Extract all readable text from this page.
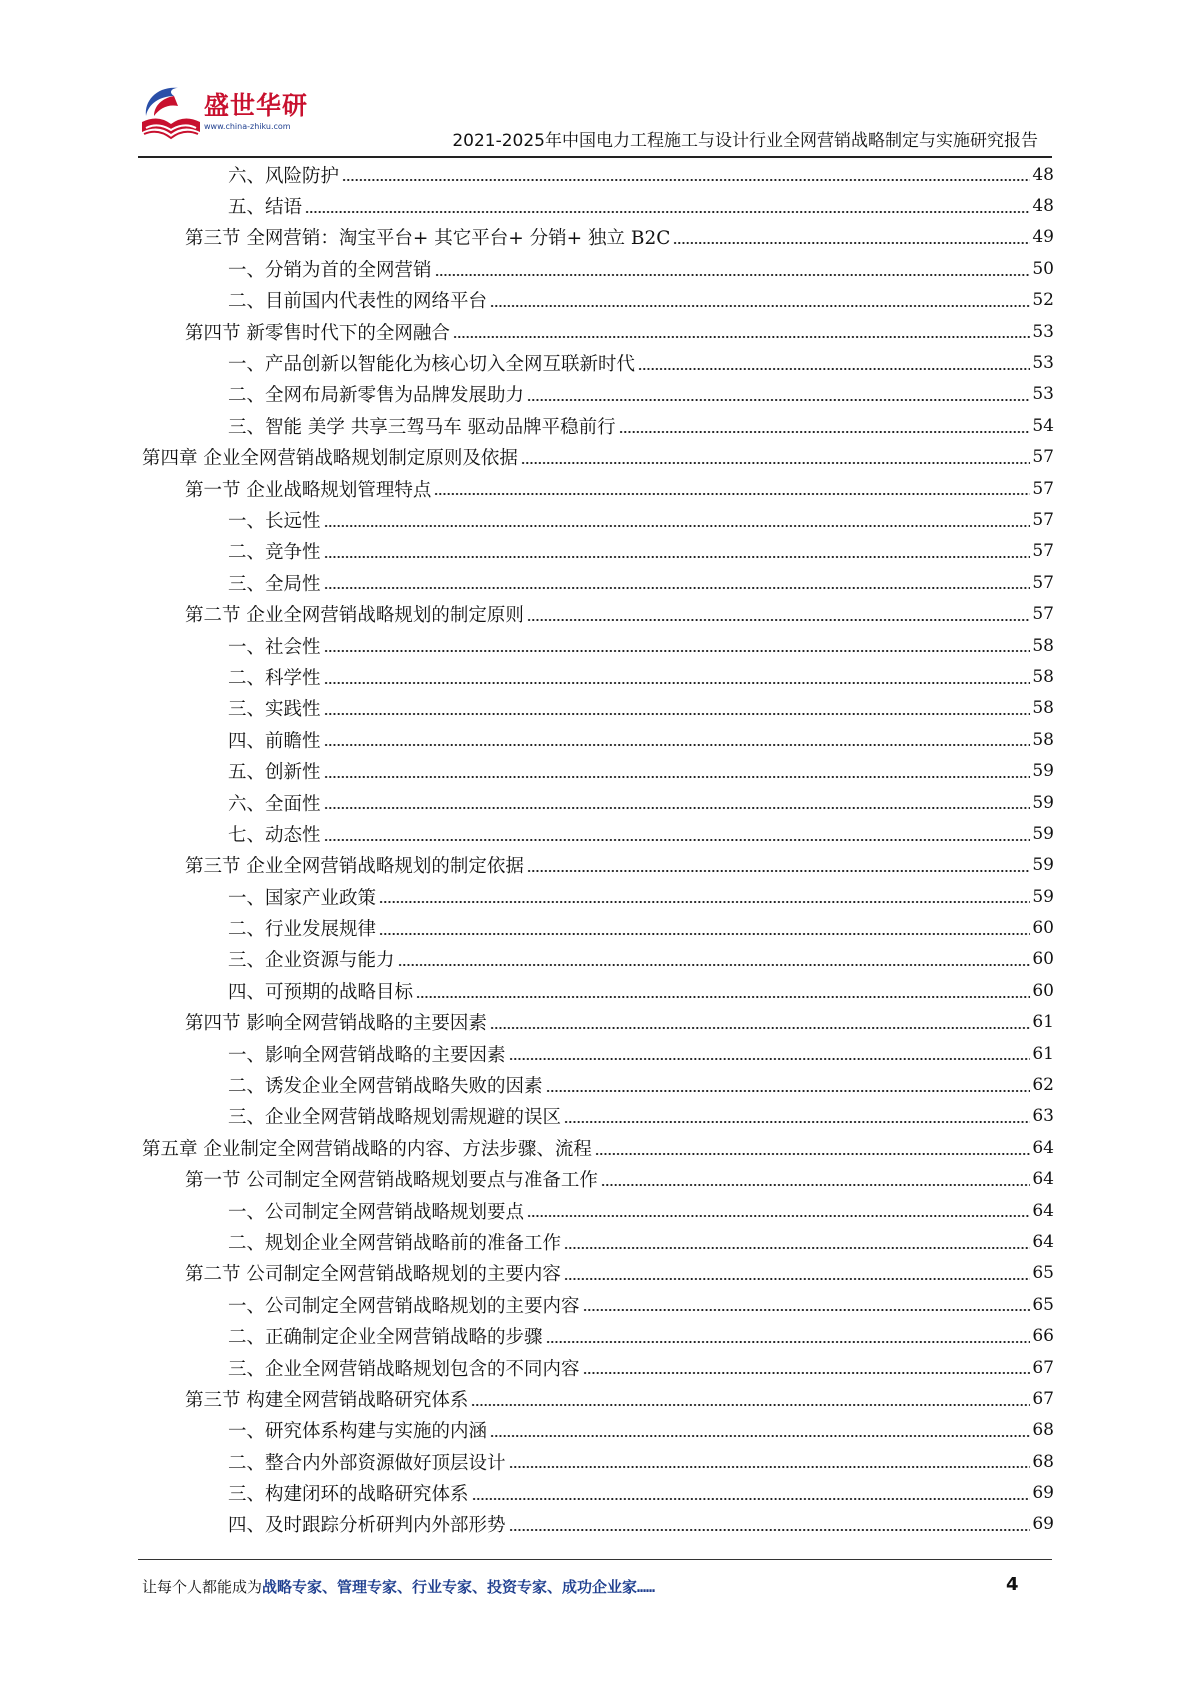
盛世华研
www.china-zhiku.com
2021-2025年中国电力工程施工与设计行业全网营销战略制定与实施研究报告
六、风险防护	48
五、结语	48
第三节 全网营销：淘宝平台+ 其它平台+ 分销+ 独立 B2C	49
一、分销为首的全网营销	50
二、目前国内代表性的网络平台	52
第四节 新零售时代下的全网融合	53
一、产品创新以智能化为核心切入全网互联新时代	53
二、全网布局新零售为品牌发展助力	53
三、智能 美学 共享三驾马车 驱动品牌平稳前行	54
第四章 企业全网营销战略规划制定原则及依据	57
第一节 企业战略规划管理特点	57
一、长远性	57
二、竞争性	57
三、全局性	57
第二节 企业全网营销战略规划的制定原则	57
一、社会性	58
二、科学性	58
三、实践性	58
四、前瞻性	58
五、创新性	59
六、全面性	59
七、动态性	59
第三节 企业全网营销战略规划的制定依据	59
一、国家产业政策	59
二、行业发展规律	60
三、企业资源与能力	60
四、可预期的战略目标	60
第四节 影响全网营销战略的主要因素	61
一、影响全网营销战略的主要因素	61
二、诱发企业全网营销战略失败的因素	62
三、企业全网营销战略规划需规避的误区	63
第五章 企业制定全网营销战略的内容、方法步骤、流程	64
第一节 公司制定全网营销战略规划要点与准备工作	64
一、公司制定全网营销战略规划要点	64
二、规划企业全网营销战略前的准备工作	64
第二节 公司制定全网营销战略规划的主要内容	65
一、公司制定全网营销战略规划的主要内容	65
二、正确制定企业全网营销战略的步骤	66
三、企业全网营销战略规划包含的不同内容	67
第三节 构建全网营销战略研究体系	67
一、研究体系构建与实施的内涵	68
二、整合内外部资源做好顶层设计	68
三、构建闭环的战略研究体系	69
四、及时跟踪分析研判内外部形势	69
让每个人都能成为战略专家、管理专家、行业专家、投资专家、成功企业家……	4
